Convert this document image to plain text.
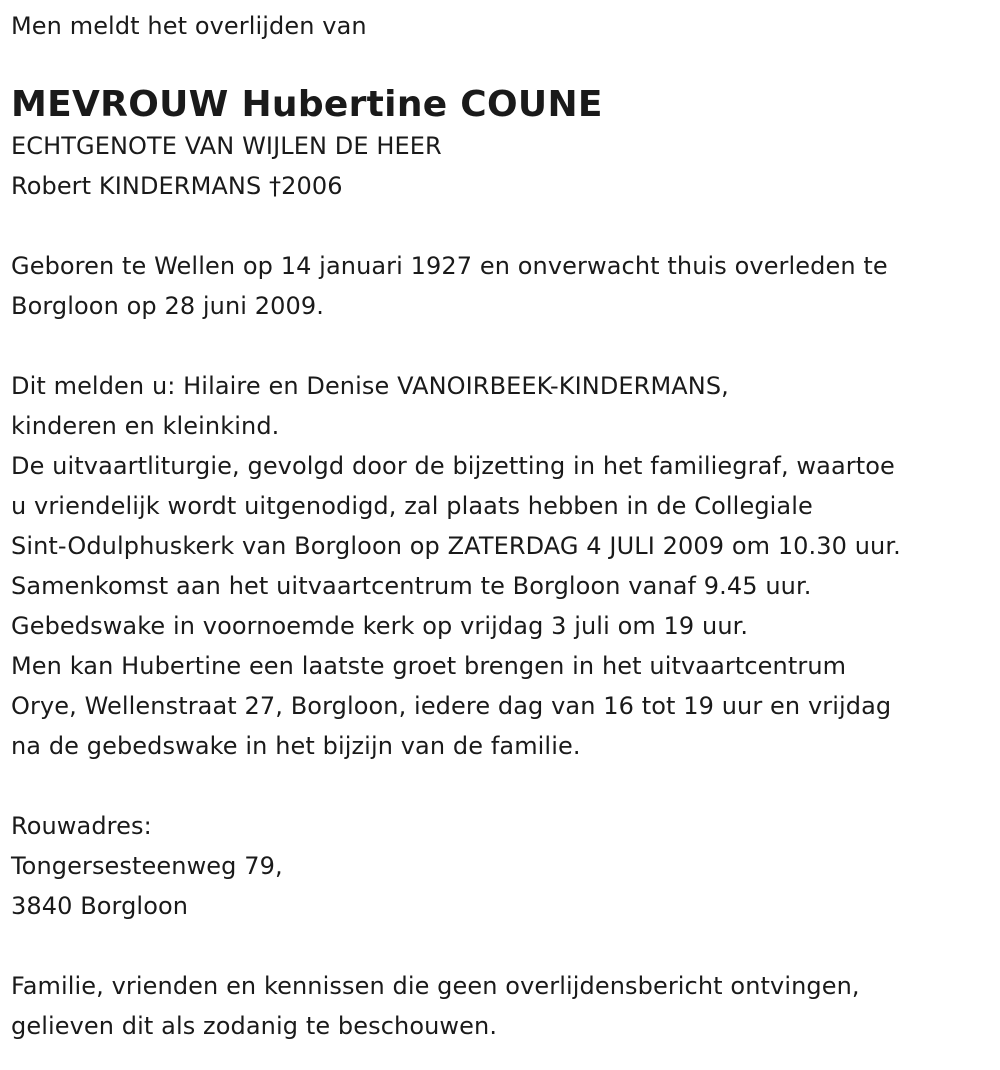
Men meldt het overlijden van
MEVROUW Hubertine COUNE
ECHTGENOTE VAN WIJLEN DE HEER
Robert KINDERMANS †2006
Geboren te Wellen op 14 januari 1927 en onverwacht thuis overleden te
Borgloon op 28 juni 2009.
Dit melden u: Hilaire en Denise VANOIRBEEK-KINDERMANS,
kinderen en kleinkind.
De uitvaartliturgie, gevolgd door de bijzetting in het familiegraf, waartoe
u vriendelijk wordt uitgenodigd, zal plaats hebben in de Collegiale
Sint-Odulphuskerk van Borgloon op ZATERDAG 4 JULI 2009 om 10.30 uur.
Samenkomst aan het uitvaartcentrum te Borgloon vanaf 9.45 uur.
Gebedswake in voornoemde kerk op vrijdag 3 juli om 19 uur.
Men kan Hubertine een laatste groet brengen in het uitvaartcentrum
Orye, Wellenstraat 27, Borgloon, iedere dag van 16 tot 19 uur en vrijdag
na de gebedswake in het bijzijn van de familie.
Rouwadres:
Tongersesteenweg 79,
3840 Borgloon
Familie, vrienden en kennissen die geen overlijdensbericht ontvingen,
gelieven dit als zodanig te beschouwen.
